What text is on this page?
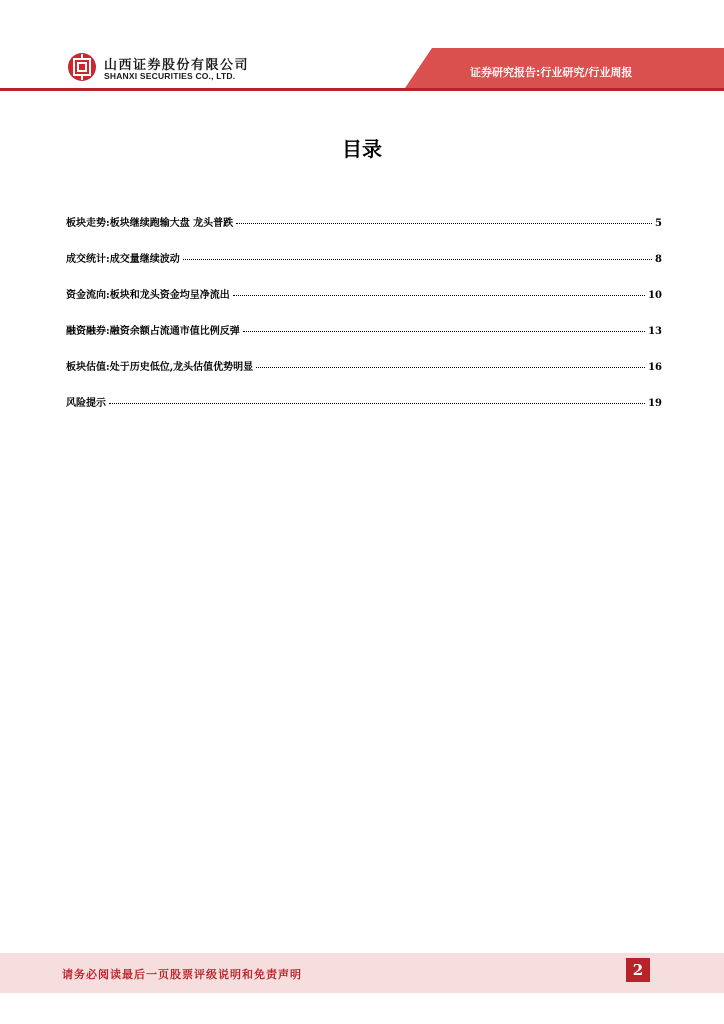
山西证券股份有限公司
SHANXI SECURITIES CO., LTD.	证券研究报告:行业研究/行业周报
目录
板块走势:板块继续跑输大盘 龙头普跌	5
成交统计:成交量继续波动	8
资金流向:板块和龙头资金均呈净流出	10
融资融券:融资余额占流通市值比例反弹	13
板块估值:处于历史低位,龙头估值优势明显	16
风险提示	19
请务必阅读最后一页股票评级说明和免责声明	2
